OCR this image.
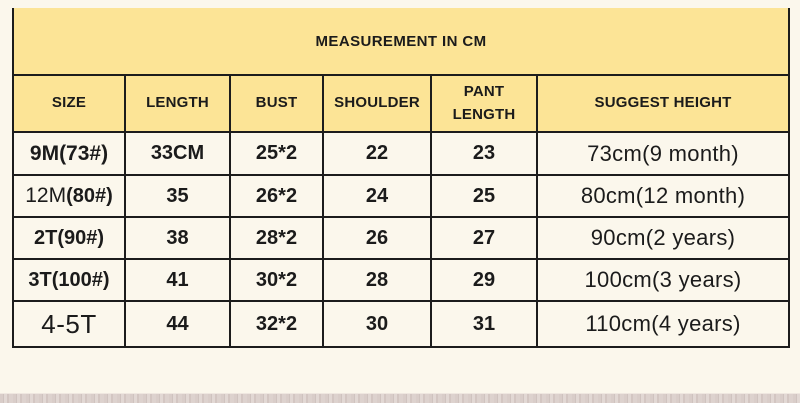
MEASUREMENT IN CM					
SIZE	LENGTH	BUST	SHOULDER	PANT LENGTH	SUGGEST HEIGHT
9M(73#)	33CM	25*2	22	23	73cm(9 month)
12M(80#)	35	26*2	24	25	80cm(12 month)
2T(90#)	38	28*2	26	27	90cm(2 years)
3T(100#)	41	30*2	28	29	100cm(3 years)
4-5T	44	32*2	30	31	110cm(4 years)
